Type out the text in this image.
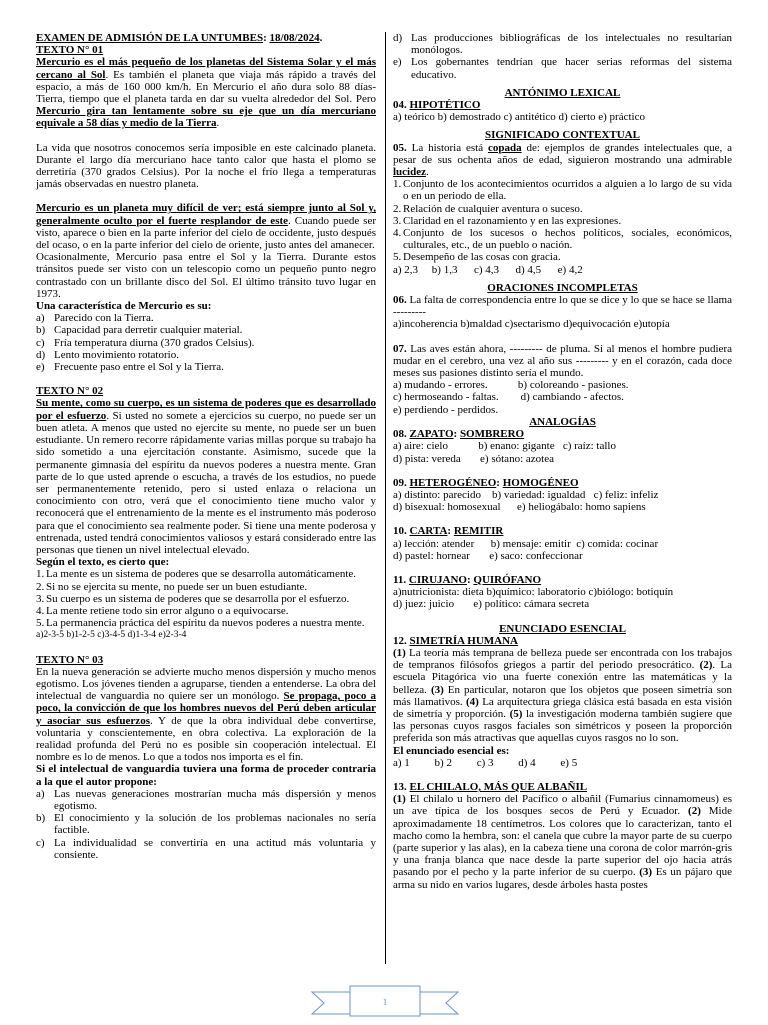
EXAMEN DE ADMISIÓN DE LA UNTUMBES: 18/08/2024.

TEXTO N° 01

Mercurio es el más pequeño de los planetas del Sistema Solar y el más cercano al Sol. Es también el planeta que viaja más rápido a través del espacio, a más de 160 000 km/h. En Mercurio el año dura solo 88 días-Tierra, tiempo que el planeta tarda en dar su vuelta alrededor del Sol. Pero Mercurio gira tan lentamente sobre su eje que un día mercuriano equivale a 58 días y medio de la Tierra.

La vida que nosotros conocemos sería imposible en este calcinado planeta. Durante el largo día mercuriano hace tanto calor que hasta el plomo se derretiría (370 grados Celsius). Por la noche el frío llega a temperaturas jamás observadas en nuestro planeta.

Mercurio es un planeta muy difícil de ver; está siempre junto al Sol y, generalmente oculto por el fuerte resplandor de este. Cuando puede ser visto, aparece o bien en la parte inferior del cielo de occidente, justo después del ocaso, o en la parte inferior del cielo de oriente, justo antes del amanecer.

Ocasionalmente, Mercurio pasa entre el Sol y la Tierra. Durante estos tránsitos puede ser visto con un telescopio como un pequeño punto negro contrastado con un brillante disco del Sol. El último tránsito tuvo lugar en 1973.

Una característica de Mercurio es su:

a) Parecido con la Tierra.
b) Capacidad para derretir cualquier material.
c) Fría temperatura diurna (370 grados Celsius).
d) Lento movimiento rotatorio.
e) Frecuente paso entre el Sol y la Tierra.

TEXTO N° 02

Su mente, como su cuerpo, es un sistema de poderes que es desarrollado por el esfuerzo. Si usted no somete a ejercicios su cuerpo, no puede ser un buen atleta. A menos que usted no ejercite su mente, no puede ser un buen estudiante. Un remero recorre rápidamente varias millas porque su trabajo ha sido sometido a una ejercitación constante. Asimismo, sucede que la permanente gimnasia del espíritu da nuevos poderes a nuestra mente. Gran parte de lo que usted aprende o escucha, a través de los estudios, no puede ser permanentemente retenido, pero si usted enlaza o relaciona un conocimiento con otro, verá que el conocimiento tiene mucho valor y reconocerá que el entrenamiento de la mente es el instrumento más poderoso para que el conocimiento sea realmente poder. Si tiene una mente poderosa y entrenada, usted tendrá conocimientos valiosos y estará considerado entre las personas que tienen un nivel intelectual elevado.

Según el texto, es cierto que:

1. La mente es un sistema de poderes que se desarrolla automáticamente.
2. Si no se ejercita su mente, no puede ser un buen estudiante.
3. Su cuerpo es un sistema de poderes que se desarrolla por el esfuerzo.
4. La mente retiene todo sin error alguno o a equivocarse.
5. La permanencia práctica del espíritu da nuevos poderes a nuestra mente.

a)2-3-5 b)1-2-5 c)3-4-5 d)1-3-4 e)2-3-4

TEXTO N° 03

En la nueva generación se advierte mucho menos dispersión y mucho menos egotismo. Los jóvenes tienden a agruparse, tienden a entenderse. La obra del intelectual de vanguardia no quiere ser un monólogo. Se propaga, poco a poco, la convicción de que los hombres nuevos del Perú deben articular y asociar sus esfuerzos. Y de que la obra individual debe convertirse, voluntaria y conscientemente, en obra colectiva. La exploración de la realidad profunda del Perú no es posible sin cooperación intelectual. El nombre es lo de menos. Lo que a todos nos importa es el fin.

Si el intelectual de vanguardia tuviera una forma de proceder contraria a la que el autor propone:

a) Las nuevas generaciones mostrarían mucha más dispersión y menos egotismo.
b) El conocimiento y la solución de los problemas nacionales no sería factible.
c) La individualidad se convertiría en una actitud más voluntaria y consiente.
d) Las producciones bibliográficas de los intelectuales no resultarían monólogos.
e) Los gobernantes tendrían que hacer serias reformas del sistema educativo.

ANTÓNIMO LEXICAL

04. HIPOTÉTICO

a) teórico b) demostrado c) antitético d) cierto e) práctico

SIGNIFICADO CONTEXTUAL

05. La historia está copada de: ejemplos de grandes intelectuales que, a pesar de sus ochenta años de edad, siguieron mostrando una admirable lucidez.

1. Conjunto de los acontecimientos ocurridos a alguien a lo largo de su vida o en un periodo de ella.
2. Relación de cualquier aventura o suceso.
3. Claridad en el razonamiento y en las expresiones.
4. Conjunto de los sucesos o hechos políticos, sociales, económicos, culturales, etc., de un pueblo o nación.
5. Desempeño de las cosas con gracia.

a) 2,3     b) 1,3      c) 4,3      d) 4,5      e) 4,2

ORACIONES INCOMPLETAS

06. La falta de correspondencia entre lo que se dice y lo que se hace se llama ---------

a)incoherencia b)maldad c)sectarismo d)equivocación e)utopía

07. Las aves están ahora, --------- de pluma. Si al menos el hombre pudiera mudar en el cerebro, una vez al año sus --------- y en el corazón, cada doce meses sus pasiones distinto sería el mundo.

a) mudando - errores.           b) coloreando - pasiones.

c) hermoseando - faltas.        d) cambiando - afectos.

e) perdiendo - perdidos.

ANALOGÍAS

08. ZAPATO: SOMBRERO

a) aire: cielo           b) enano: gigante   c) raíz: tallo

d) pista: vereda       e) sótano: azotea

09. HETEROGÉNEO: HOMOGÉNEO

a) distinto: parecido    b) variedad: igualdad   c) feliz: infeliz

d) bisexual: homosexual      e) heliogábalo: homo sapiens

10. CARTA: REMITIR

a) lección: atender      b) mensaje: emitir  c) comida: cocinar

d) pastel: hornear       e) saco: confeccionar

11. CIRUJANO: QUIRÓFANO

a)nutricionista: dieta b)químico: laboratorio c)biólogo: botiquín

d) juez: juicio       e) político: cámara secreta

ENUNCIADO ESENCIAL

12. SIMETRÍA HUMANA

(1) La teoría más temprana de belleza puede ser encontrada con los trabajos de tempranos filósofos griegos a partir del periodo presocrático. (2). La escuela Pitagórica vio una fuerte conexión entre las matemáticas y la belleza. (3) En particular, notaron que los objetos que poseen simetría son más llamativos. (4) La arquitectura griega clásica está basada en esta visión de simetría y proporción. (5) la investigación moderna también sugiere que las personas cuyos rasgos faciales son simétricos y poseen la proporción preferida son más atractivas que aquellas cuyos rasgos no lo son.

El enunciado esencial es:

a) 1         b) 2         c) 3         d) 4         e) 5

13. EL CHILALO, MÁS QUE ALBAÑIL

(1) El chilalo u hornero del Pacífico o albañil (Fumarius cinnamomeus) es un ave típica de los bosques secos de Perú y Ecuador. (2) Mide aproximadamente 18 centímetros. Los colores que lo caracterizan, tanto el macho como la hembra, son: el canela que cubre la mayor parte de su cuerpo (parte superior y las alas), en la cabeza tiene una corona de color marrón-gris y una franja blanca que nace desde la parte superior del ojo hacia atrás pasando por el pecho y la parte inferior de su cuerpo. (3) Es un pájaro que arma su nido en varios lugares, desde árboles hasta postes

1
